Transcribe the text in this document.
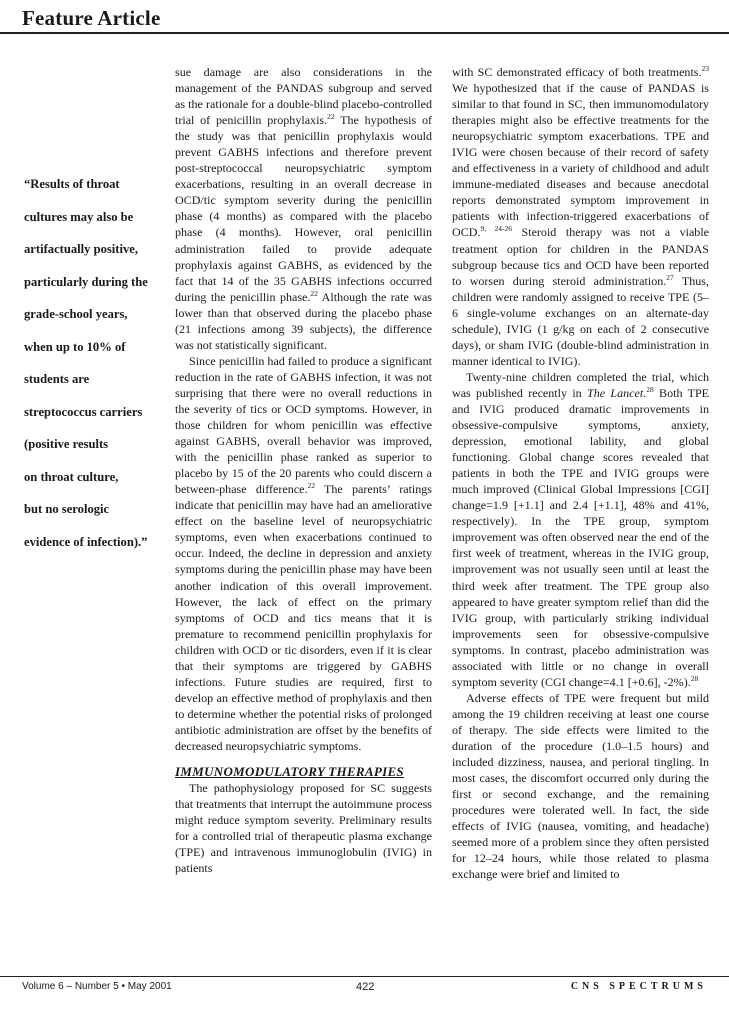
Feature Article
“Results of throat
cultures may also be
artifactually positive,
particularly during the
grade-school years,
when up to 10% of
students are
streptococcus carriers
(positive results
on throat culture,
but no serologic
evidence of infection).”

sue damage are also considerations in the management of the PANDAS subgroup and served as the rationale for a double-blind placebo-controlled trial of penicillin prophylaxis.$^{22}$ The hypothesis of the study was that penicillin prophylaxis would prevent GABHS infections and therefore prevent post-streptococcal neuropsychiatric symptom exacerbations, resulting in an overall decrease in OCD/tic symptom severity during the penicillin phase (4 months) as compared with the placebo phase (4 months). However, oral penicillin administration failed to provide adequate prophylaxis against GABHS, as evidenced by the fact that 14 of the 35 GABHS infections occurred during the penicillin phase.$^{22}$ Although the rate was lower than that observed during the placebo phase (21 infections among 39 subjects), the difference was not statistically significant.

Since penicillin had failed to produce a significant reduction in the rate of GABHS infection, it was not surprising that there were no overall reductions in the severity of tics or OCD symptoms. However, in those children for whom penicillin was effective against GABHS, overall behavior was improved, with the penicillin phase ranked as superior to placebo by 15 of the 20 parents who could discern a between-phase difference.$^{22}$ The parents’ ratings indicate that penicillin may have had an ameliorative effect on the baseline level of neuropsychiatric symptoms, even when exacerbations continued to occur. Indeed, the decline in depression and anxiety symptoms during the penicillin phase may have been another indication of this overall improvement. However, the lack of effect on the primary symptoms of OCD and tics means that it is premature to recommend penicillin prophylaxis for children with OCD or tic disorders, even if it is clear that their symptoms are triggered by GABHS infections. Future studies are required, first to develop an effective method of prophylaxis and then to determine whether the potential risks of prolonged antibiotic administration are offset by the benefits of decreased neuropsychiatric symptoms.

IMMUNOMODULATORY THERAPIES

The pathophysiology proposed for SC suggests that treatments that interrupt the autoimmune process might reduce symptom severity. Preliminary results for a controlled trial of therapeutic plasma exchange (TPE) and intravenous immunoglobulin (IVIG) in patients

with SC demonstrated efficacy of both treatments.$^{23}$ We hypothesized that if the cause of PANDAS is similar to that found in SC, then immunomodulatory therapies might also be effective treatments for the neuropsychiatric symptom exacerbations. TPE and IVIG were chosen because of their record of safety and effectiveness in a variety of childhood and adult immune-mediated diseases and because anecdotal reports demonstrated symptom improvement in patients with infection-triggered exacerbations of OCD.$^{9, 24-26}$ Steroid therapy was not a viable treatment option for children in the PANDAS subgroup because tics and OCD have been reported to worsen during steroid administration.$^{27}$ Thus, children were randomly assigned to receive TPE (5–6 single-volume exchanges on an alternate-day schedule), IVIG (1 g/kg on each of 2 consecutive days), or sham IVIG (double-blind administration in manner identical to IVIG).

Twenty-nine children completed the trial, which was published recently in The Lancet.$^{28}$ Both TPE and IVIG produced dramatic improvements in obsessive-compulsive symptoms, anxiety, depression, emotional lability, and global functioning. Global change scores revealed that patients in both the TPE and IVIG groups were much improved (Clinical Global Impressions [CGI] change=1.9 [+1.1] and 2.4 [+1.1], 48% and 41%, respectively). In the TPE group, symptom improvement was often observed near the end of the first week of treatment, whereas in the IVIG group, improvement was not usually seen until at least the third week after treatment. The TPE group also appeared to have greater symptom relief than did the IVIG group, with particularly striking individual improvements seen for obsessive-compulsive symptoms. In contrast, placebo administration was associated with little or no change in overall symptom severity (CGI change=4.1 [+0.6], -2%).$^{28}$

Adverse effects of TPE were frequent but mild among the 19 children receiving at least one course of therapy. The side effects were limited to the duration of the procedure (1.0–1.5 hours) and included dizziness, nausea, and perioral tingling. In most cases, the discomfort occurred only during the first or second exchange, and the remaining procedures were tolerated well. In fact, the side effects of IVIG (nausea, vomiting, and headache) seemed more of a problem since they often persisted for 12–24 hours, while those related to plasma exchange were brief and limited to

Volume 6 – Number 5 • May 2001	422	CNS SPECTRUMS
